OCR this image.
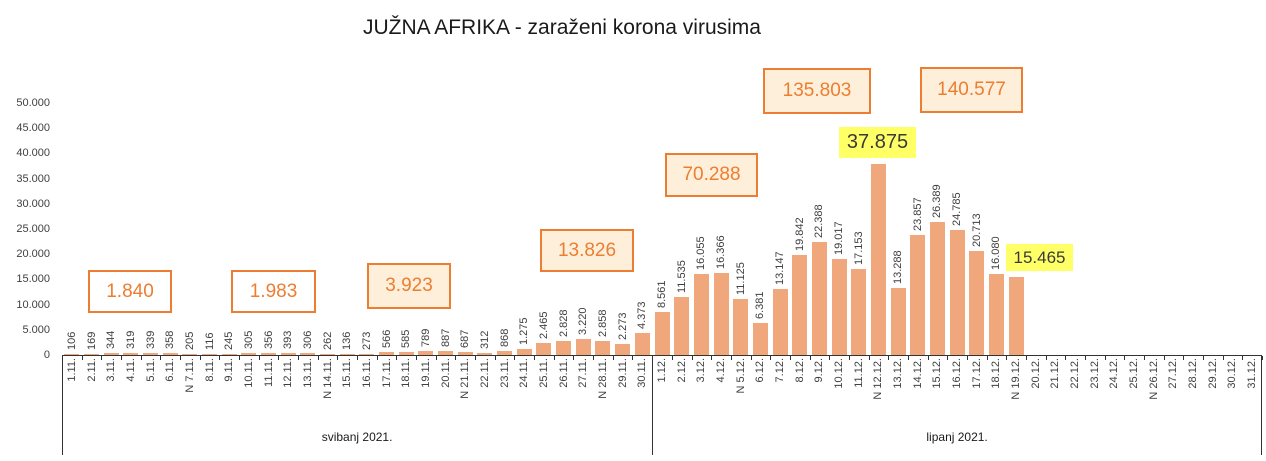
JUŽNA AFRIKA - zaraženi korona virusima
0
5.000
10.000
15.000
20.000
25.000
30.000
35.000
40.000
45.000
50.000
106
1.11.
169
2.11.
344
3.11.
319
4.11.
339
5.11.
358
6.11.
205
N 7.11.
116
8.11.
245
9.11.
305
10.11.
356
11.11.
393
12.11.
306
13.11.
262
N 14.11.
136
15.11.
273
16.11.
566
17.11.
585
18.11.
789
19.11.
887
20.11.
687
N 21.11.
312
22.11.
868
23.11.
1.275
24.11.
2.465
25.11.
2.828
26.11.
3.220
27.11.
2.858
N 28.11.
2.273
29.11.
4.373
30.11.
8.561
1.12.
11.535
2.12.
16.055
3.12.
16.366
4.12.
11.125
N 5.12.
6.381
6.12.
13.147
7.12.
19.842
8.12.
22.388
9.12.
19.017
10.12.
17.153
11.12. N 12.12.
13.288
13.12.
23.857
14.12.
26.389
15.12.
24.785
16.12.
20.713
17.12.
16.080
18.12. N 19.12. 20.12. 21.12. 22.12. 23.12. 24.12. 25.12. N 26.12. 27.12. 28.12. 29.12. 30.12. 31.12.
svibanj 2021.	lipanj 2021.
1.840	1.983	3.923
13.826
70.288
135.803	140.577
37.875
15.465
